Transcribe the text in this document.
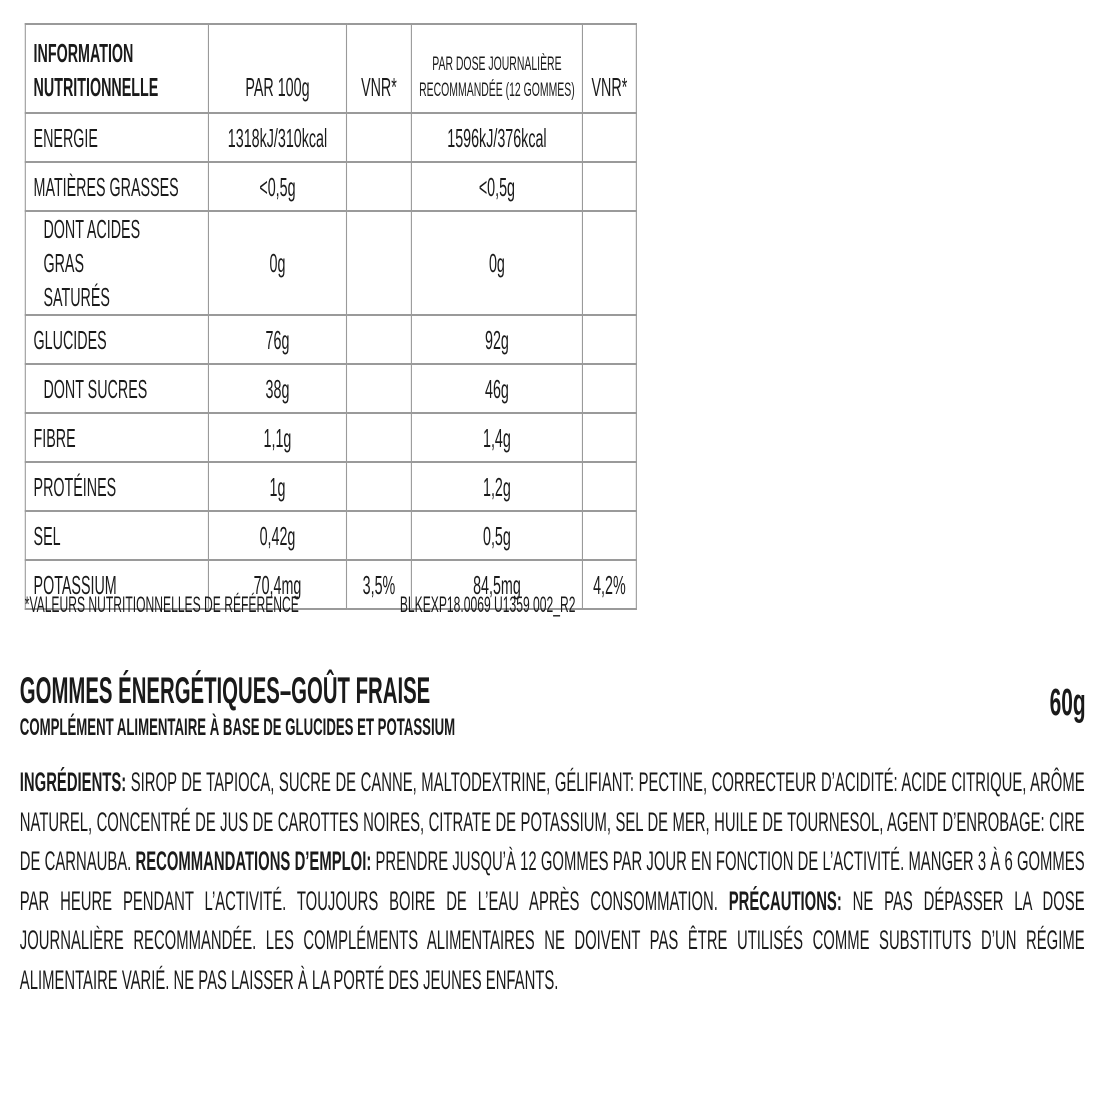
INFORMATION NUTRITIONNELLE	PAR 100g	VNR*	PAR DOSE JOURNALIÈRE RECOMMANDÉE (12 GOMMES)	VNR*
ENERGIE	1318kJ/310kcal		1596kJ/376kcal	
MATIÈRES GRASSES	<0,5g		<0,5g	
DONT ACIDES GRAS SATURÉS	0g		0g	
GLUCIDES	76g		92g	
DONT SUCRES	38g		46g	
FIBRE	1,1g		1,4g	
PROTÉINES	1g		1,2g	
SEL	0,42g		0,5g	
POTASSIUM	70,4mg	3,5%	84,5mg	4,2%
*VALEURS NUTRITIONNELLES DE RÉFÉRENCE	BLKEXP18.0069 U1359 002_R2
GOMMES ÉNERGÉTIQUES–GOÛT FRAISE
COMPLÉMENT ALIMENTAIRE À BASE DE GLUCIDES ET POTASSIUM
60g
INGRÉDIENTS: SIROP DE TAPIOCA, SUCRE DE CANNE, MALTODEXTRINE, GÉLIFIANT: PECTINE, CORRECTEUR D’ACIDITÉ: ACIDE CITRIQUE, ARÔME NATUREL, CONCENTRÉ DE JUS DE CAROTTES NOIRES, CITRATE DE POTASSIUM, SEL DE MER, HUILE DE TOURNESOL, AGENT D’ENROBAGE: CIRE DE CARNAUBA. RECOMMANDATIONS D’EMPLOI: PRENDRE JUSQU’À 12 GOMMES PAR JOUR EN FONCTION DE L’ACTIVITÉ. MANGER 3 À 6 GOMMES PAR HEURE PENDANT L’ACTIVITÉ. TOUJOURS BOIRE DE L’EAU APRÈS CONSOMMATION. PRÉCAUTIONS: NE PAS DÉPASSER LA DOSE JOURNALIÈRE RECOMMANDÉE. LES COMPLÉMENTS ALIMENTAIRES NE DOIVENT PAS ÊTRE UTILISÉS COMME SUBSTITUTS D’UN RÉGIME ALIMENTAIRE VARIÉ. NE PAS LAISSER À LA PORTÉ DES JEUNES ENFANTS.
